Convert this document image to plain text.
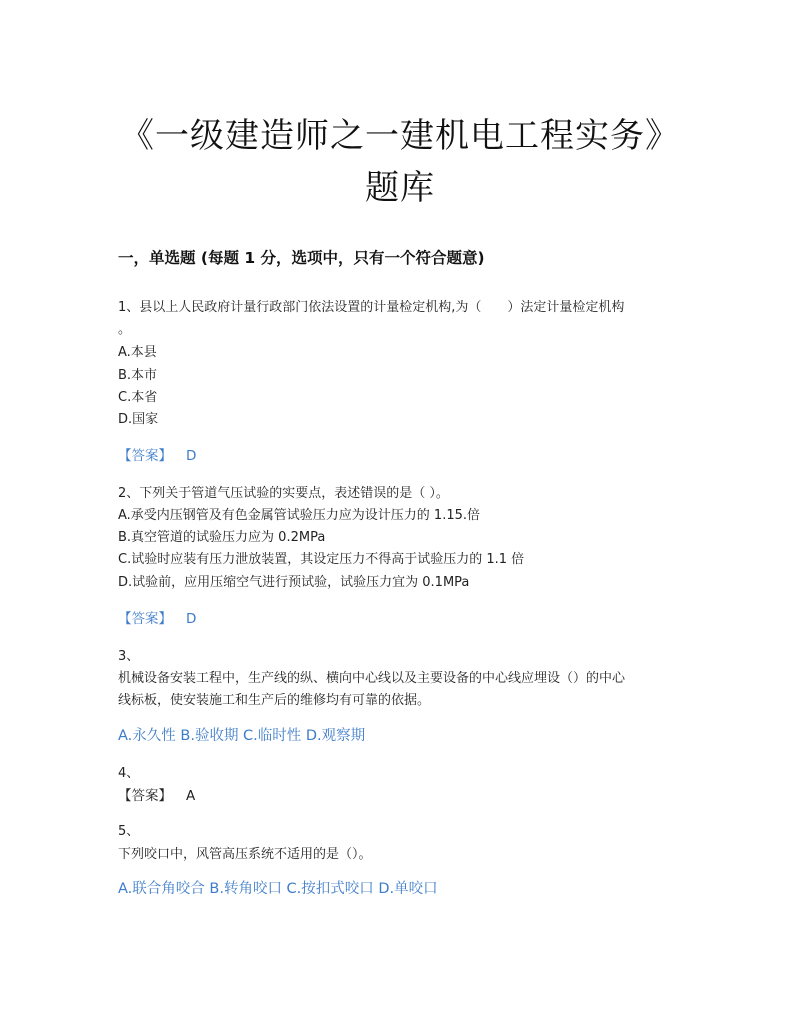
《一级建造师之一建机电工程实务》
题库
一，单选题 (每题 1 分，选项中，只有一个符合题意)
1、县以上人民政府计量行政部门依法设置的计量检定机构,为（　　）法定计量检定机构
。
A.本县
B.本市
C.本省
D.国家
【答案】 D
2、下列关于管道气压试验的实要点，表述错误的是（ ）。
A.承受内压钢管及有色金属管试验压力应为设计压力的 1.15.倍
B.真空管道的试验压力应为 0.2MPa
C.试验时应装有压力泄放装置，其设定压力不得高于试验压力的 1.1 倍
D.试验前，应用压缩空气进行预试验，试验压力宜为 0.1MPa
【答案】 D
3、
机械设备安装工程中，生产线的纵、横向中心线以及主要设备的中心线应埋设（）的中心
线标板，使安装施工和生产后的维修均有可靠的依据。
A.永久性 B.验收期 C.临时性 D.观察期
4、
【答案】 A
5、
下列咬口中，风管高压系统不适用的是（）。
A.联合角咬合 B.转角咬口 C.按扣式咬口 D.单咬口
